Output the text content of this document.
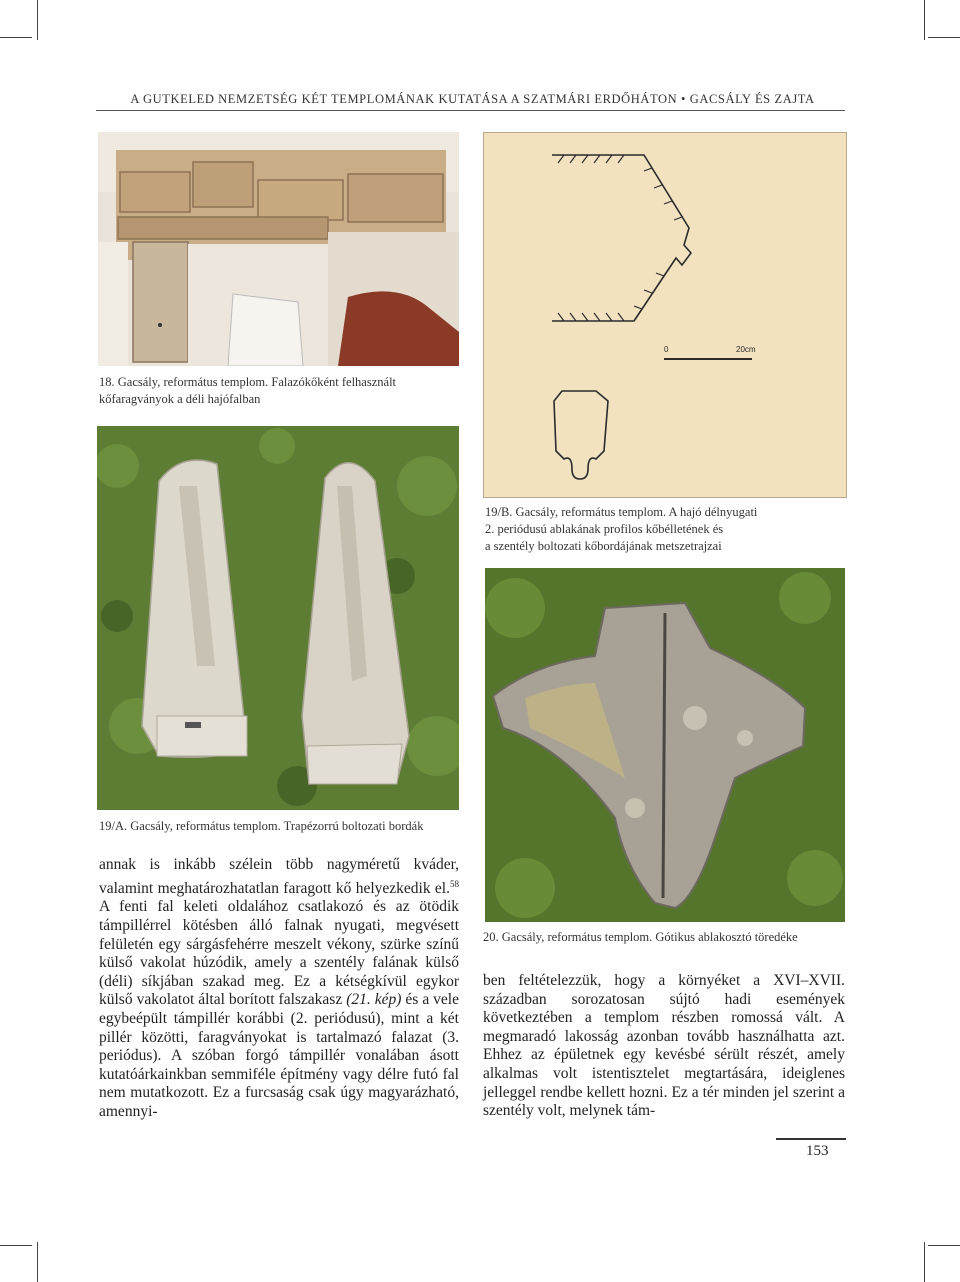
A GUTKELED NEMZETSÉG KÉT TEMPLOMÁNAK KUTATÁSA A SZATMÁRI ERDŐHÁTON • GACSÁLY ÉS ZAJTA
18. Gacsály, református templom. Falazókőként felhasznált
kőfaragványok a déli hajófalban
0	20cm
19/B. Gacsály, református templom. A hajó délnyugati
2. periódusú ablakának profilos kőbélletének és
a szentély boltozati kőbordájának metszetrajzai
19/A. Gacsály, református templom. Trapézorrú boltozati bordák
20. Gacsály, református templom. Gótikus ablakosztó töredéke

annak is inkább szélein több nagyméretű kváder, valamint meghatározhatatlan faragott kő helyezkedik el.$^{58}$ A fenti fal keleti oldalához csatlakozó és az ötödik támpillérrel kötésben álló falnak nyugati, megvésett felületén egy sárgásfehérre meszelt vékony, szürke színű külső vakolat húzódik, amely a szentély falának külső (déli) síkjában szakad meg. Ez a kétségkívül egykor külső vakolatot által borított falszakasz (21. kép) és a vele egybeépült támpillér korábbi (2. periódusú), mint a két pillér közötti, faragványokat is tartalmazó falazat (3. periódus). A szóban forgó támpillér vonalában ásott kutatóárkainkban semmiféle építmény vagy délre futó fal nem mutatkozott. Ez a furcsaság csak úgy magyarázható, amennyi-

ben feltételezzük, hogy a környéket a XVI–XVII. században sorozatosan sújtó hadi események következtében a templom részben romossá vált. A megmaradó lakosság azonban tovább használhatta azt. Ehhez az épületnek egy kevésbé sérült részét, amely alkalmas volt istentisztelet megtartására, ideiglenes jelleggel rendbe kellett hozni. Ez a tér minden jel szerint a szentély volt, melynek tám-

153
